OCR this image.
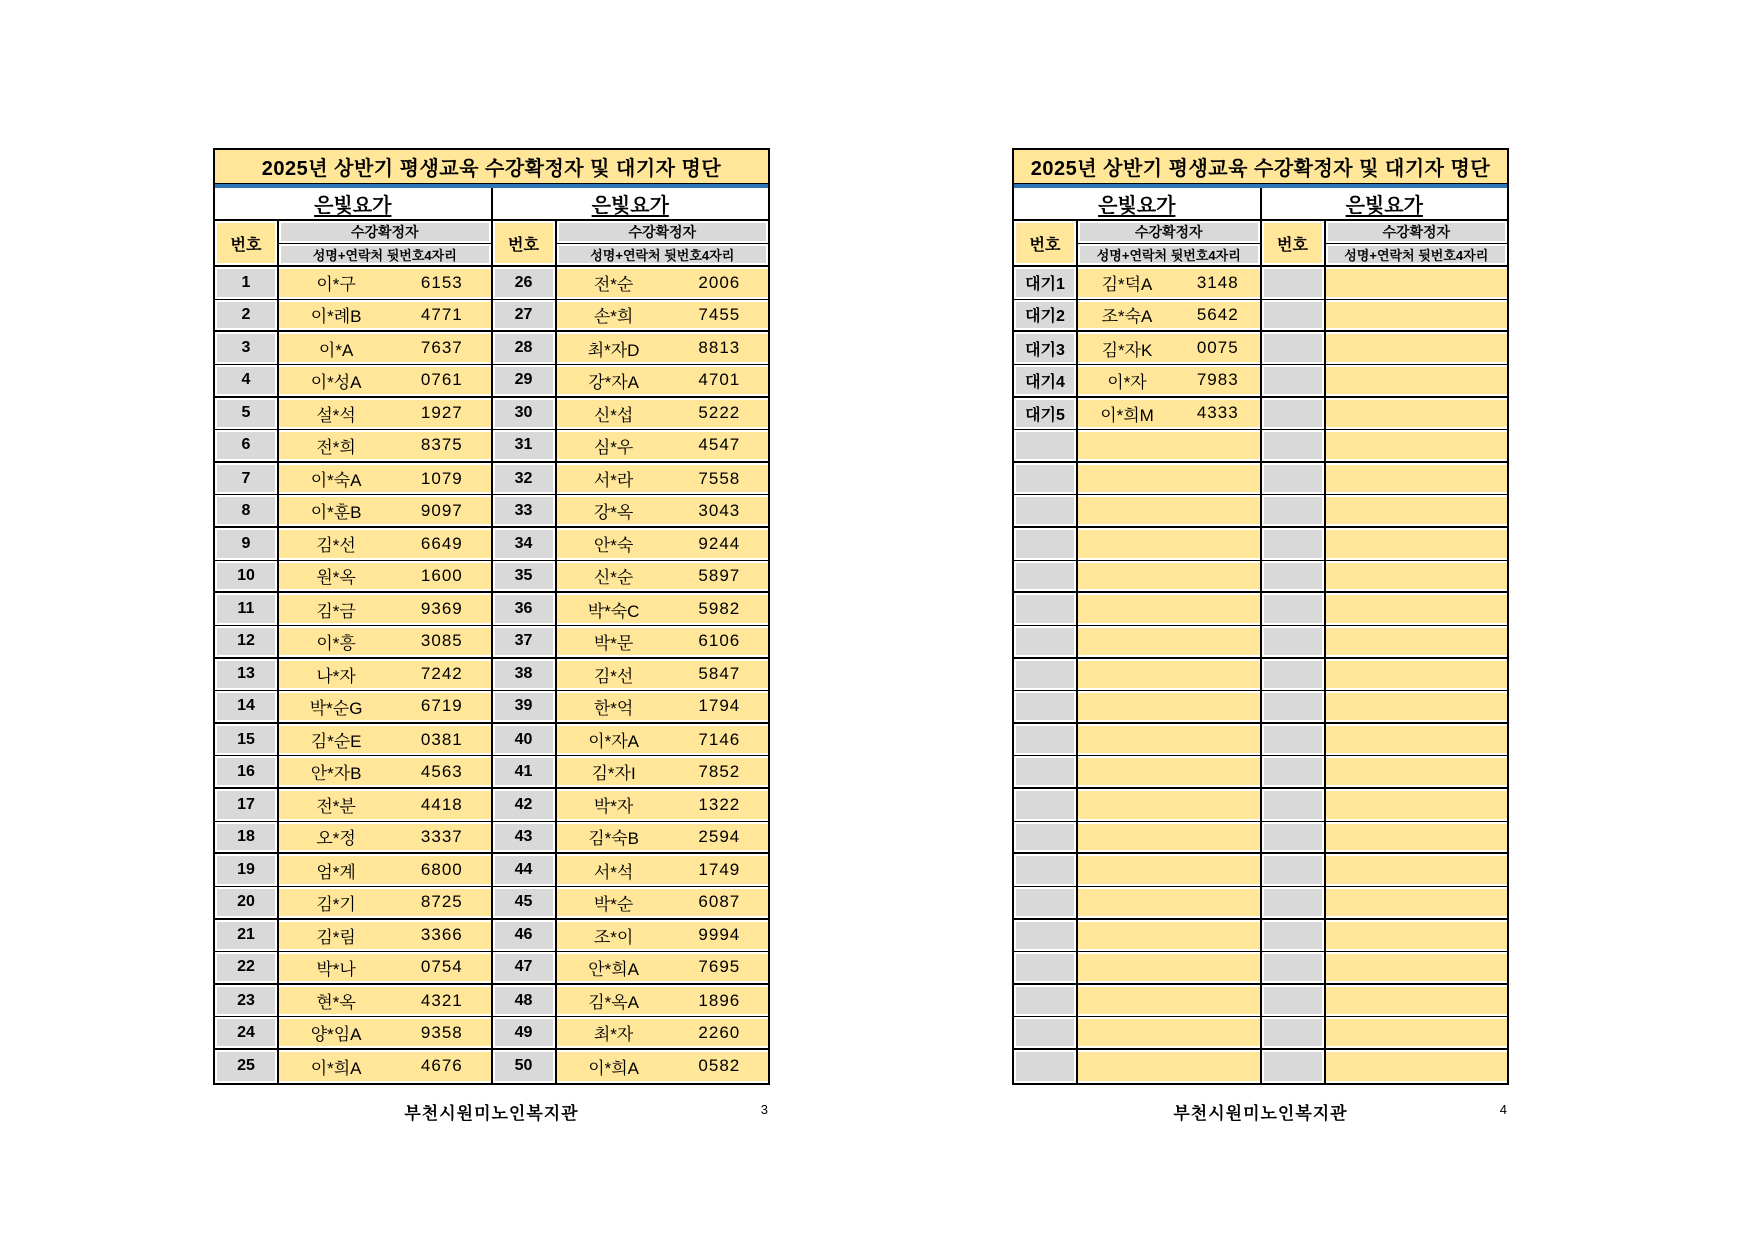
2025년 상반기 평생교육 수강확정자 및 대기자 명단
은빛요가
번호
수강확정자
성명+연락처 뒷번호4자리
1	이*구	6153
2	이*례B	4771
3	이*A	7637
4	이*성A	0761
5	설*석	1927
6	전*희	8375
7	이*숙A	1079
8	이*훈B	9097
9	김*선	6649
10	원*옥	1600
11	김*금	9369
12	이*흥	3085
13	나*자	7242
14	박*순G	6719
15	김*순E	0381
16	안*자B	4563
17	전*분	4418
18	오*정	3337
19	엄*계	6800
20	김*기	8725
21	김*림	3366
22	박*나	0754
23	현*옥	4321
24	양*임A	9358
25	이*희A	4676
은빛요가
번호
수강확정자
성명+연락처 뒷번호4자리
26	전*순	2006
27	손*희	7455
28	최*자D	8813
29	강*자A	4701
30	신*섭	5222
31	심*우	4547
32	서*라	7558
33	강*옥	3043
34	안*숙	9244
35	신*순	5897
36	박*숙C	5982
37	박*문	6106
38	김*선	5847
39	한*억	1794
40	이*자A	7146
41	김*자I	7852
42	박*자	1322
43	김*숙B	2594
44	서*석	1749
45	박*순	6087
46	조*이	9994
47	안*희A	7695
48	김*옥A	1896
49	최*자	2260
50	이*희A	0582
부천시원미노인복지관	3
2025년 상반기 평생교육 수강확정자 및 대기자 명단
은빛요가
번호
수강확정자
성명+연락처 뒷번호4자리
대기1	김*덕A	3148
대기2	조*숙A	5642
대기3	김*자K	0075
대기4	이*자	7983
대기5	이*희M	4333
은빛요가
번호
수강확정자
성명+연락처 뒷번호4자리
부천시원미노인복지관	4
